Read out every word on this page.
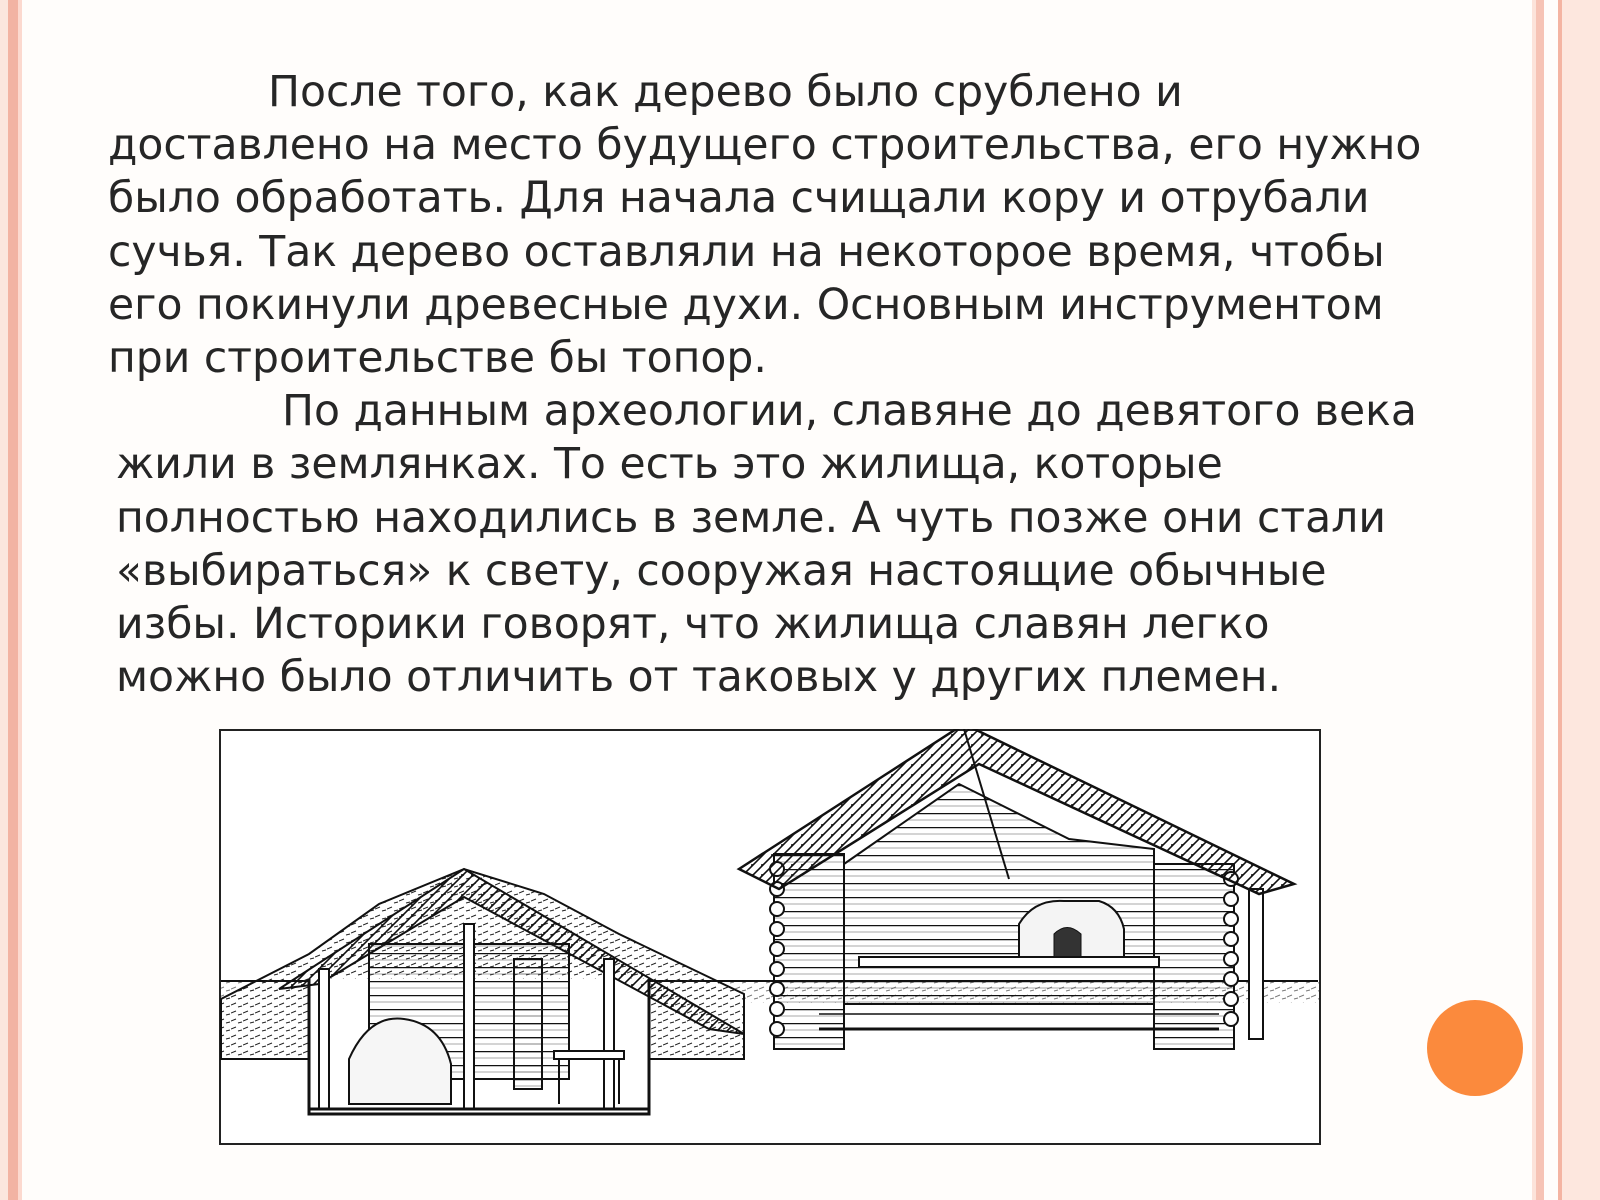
После того, как дерево было срублено и
доставлено на место будущего строительства, его нужно
было обработать. Для начала счищали кору и отрубали
сучья. Так дерево оставляли на некоторое время, чтобы
его покинули древесные духи. Основным инструментом
при строительстве бы топор.

По данным археологии, славяне до девятого века
жили в землянках. То есть это жилища, которые
полностью находились в земле. А чуть позже они стали
«выбираться» к свету, сооружая настоящие обычные
избы. Историки говорят, что жилища славян легко
можно было отличить от таковых у других племен.
